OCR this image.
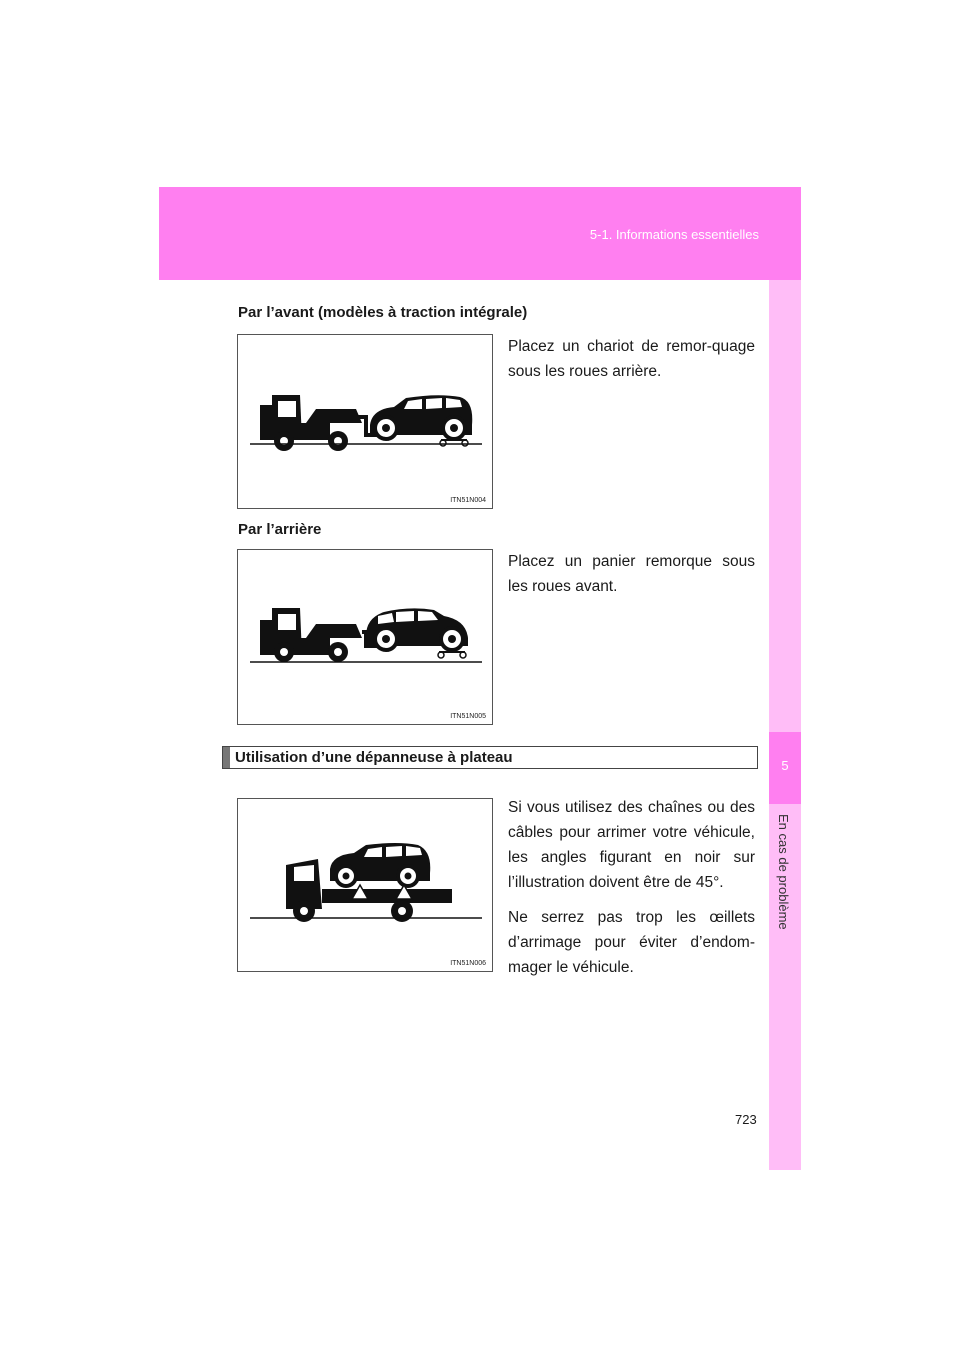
5-1. Informations essentielles
5
En cas de problème
Par l’avant (modèles à traction intégrale)
ITN51N004

Placez un chariot de remor-quage sous les roues arrière.

Par l’arrière
ITN51N005

Placez un panier remorque sous les roues avant.

Utilisation d’une dépanneuse à plateau
ITN51N006

Si vous utilisez des chaînes ou des câbles pour arrimer votre véhicule, les angles figurant en noir sur l’illustration doivent être de 45°.

Ne serrez pas trop les œillets d’arrimage pour éviter d’endom-mager le véhicule.

723
